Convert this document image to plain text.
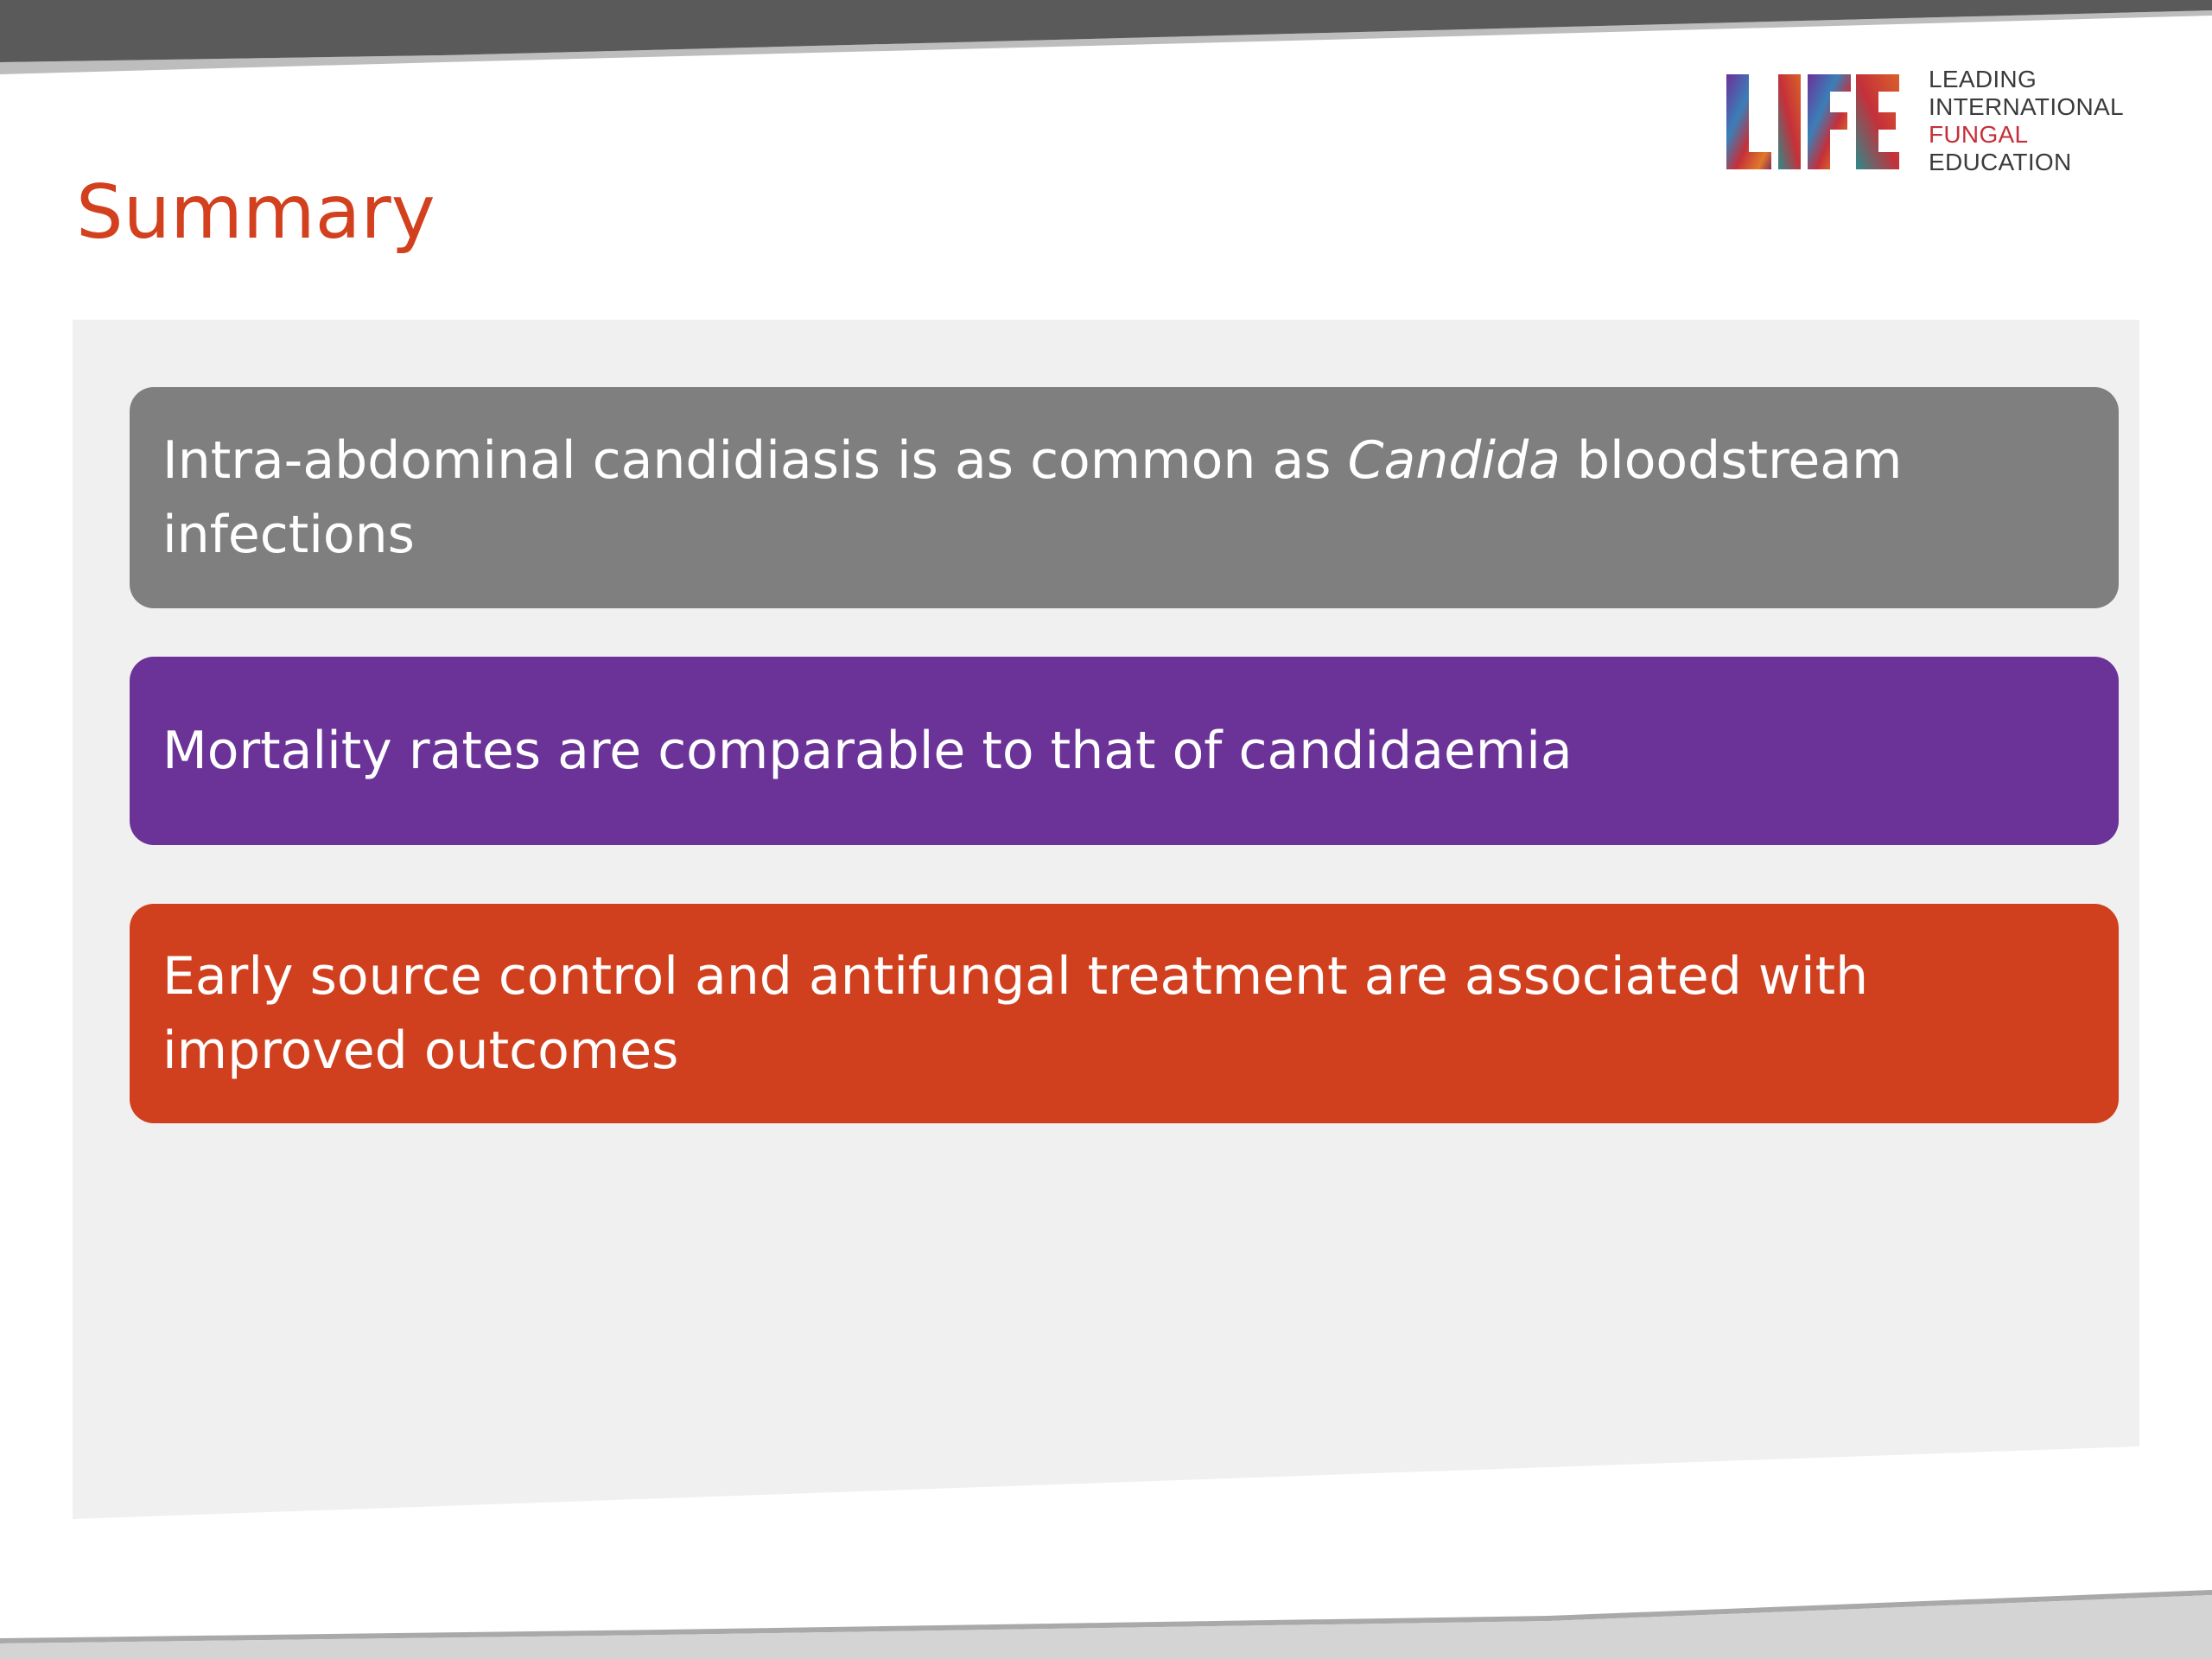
LEADING
INTERNATIONAL
FUNGAL
EDUCATION
Summary

Intra-abdominal candidiasis is as common as Candida bloodstream infections

Mortality rates are comparable to that of candidaemia

Early source control and antifungal treatment are associated with improved outcomes
